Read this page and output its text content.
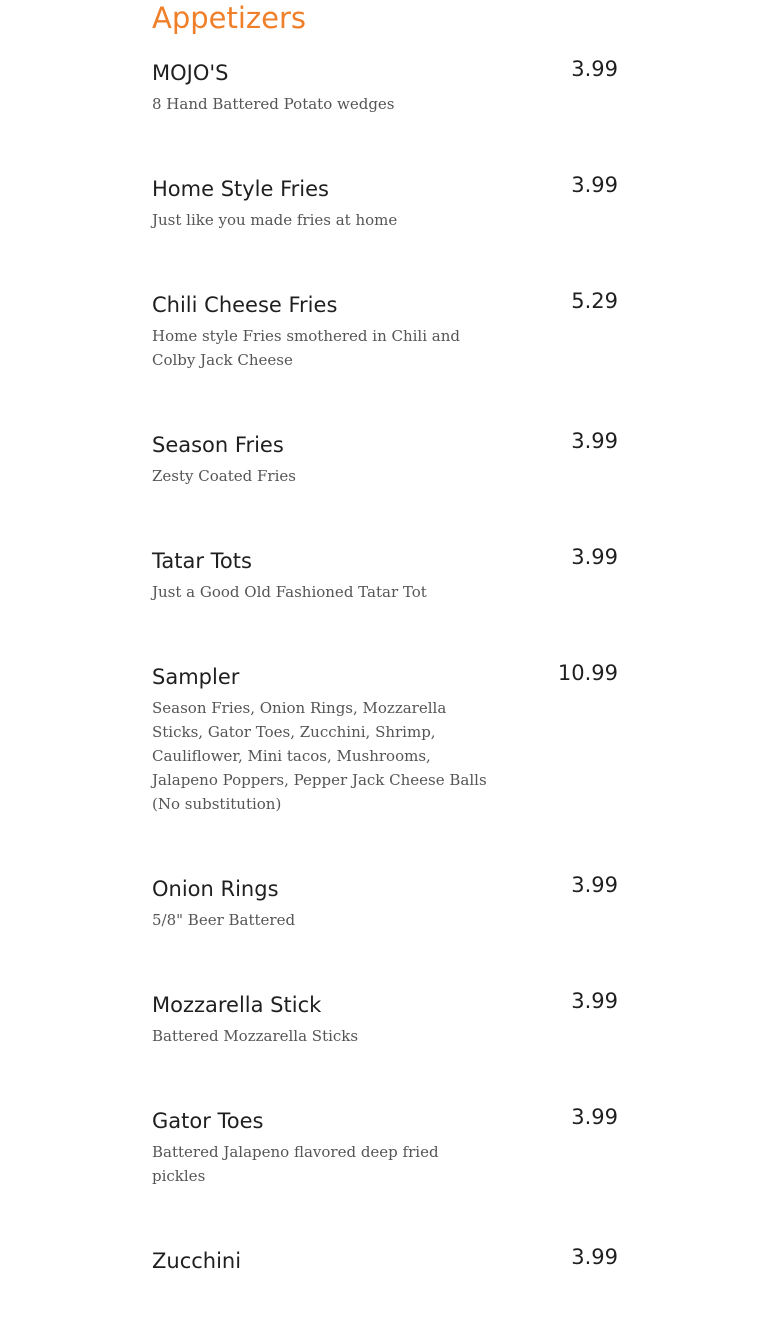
Appetizers
MOJO'S
8 Hand Battered Potato wedges
3.99
Home Style Fries
Just like you made fries at home
3.99
Chili Cheese Fries
Home style Fries smothered in Chili and Colby Jack Cheese
5.29
Season Fries
Zesty Coated Fries
3.99
Tatar Tots
Just a Good Old Fashioned Tatar Tot
3.99
Sampler
Season Fries, Onion Rings, Mozzarella Sticks, Gator Toes, Zucchini, Shrimp, Cauliflower, Mini tacos, Mushrooms, Jalapeno Poppers, Pepper Jack Cheese Balls (No substitution)
10.99
Onion Rings
5/8" Beer Battered
3.99
Mozzarella Stick
Battered Mozzarella Sticks
3.99
Gator Toes
Battered Jalapeno flavored deep fried pickles
3.99
Zucchini	3.99
